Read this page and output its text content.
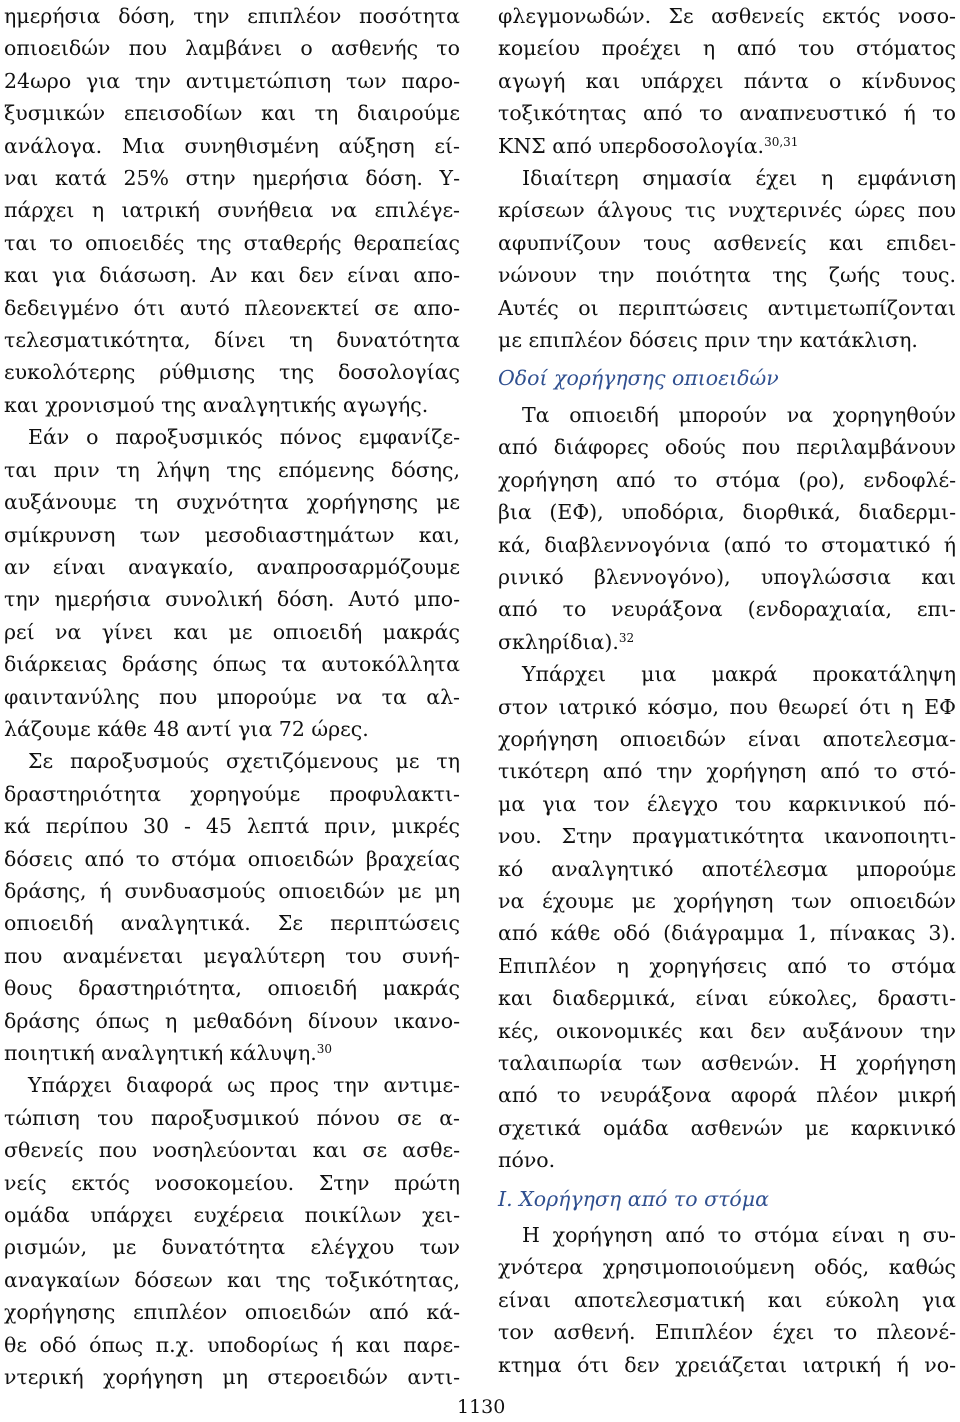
ημερήσια δόση, την επιπλέον ποσότητα
οπιοειδών που λαμβάνει ο ασθενής το
24ωρο για την αντιμετώπιση των παρο-
ξυσμικών επεισοδίων και τη διαιρούμε
ανάλογα. Μια συνηθισμένη αύξηση εί-
ναι κατά 25% στην ημερήσια δόση. Υ-
πάρχει η ιατρική συνήθεια να επιλέγε-
ται το οπιοειδές της σταθερής θεραπείας
και για διάσωση. Αν και δεν είναι απο-
δεδειγμένο ότι αυτό πλεονεκτεί σε απο-
τελεσματικότητα, δίνει τη δυνατότητα
ευκολότερης ρύθμισης της δοσολογίας
και χρονισμού της αναλγητικής αγωγής.
Εάν ο παροξυσμικός πόνος εμφανίζε-
ται πριν τη λήψη της επόμενης δόσης,
αυξάνουμε τη συχνότητα χορήγησης με
σμίκρυνση των μεσοδιαστημάτων και,
αν είναι αναγκαίο, αναπροσαρμόζουμε
την ημερήσια συνολική δόση. Αυτό μπο-
ρεί να γίνει και με οπιοειδή μακράς
διάρκειας δράσης όπως τα αυτοκόλλητα
φαιντανύλης που μπορούμε να τα αλ-
λάζουμε κάθε 48 αντί για 72 ώρες.
Σε παροξυσμούς σχετιζόμενους με τη
δραστηριότητα χορηγούμε προφυλακτι-
κά περίπου 30 - 45 λεπτά πριν, μικρές
δόσεις από το στόμα οπιοειδών βραχείας
δράσης, ή συνδυασμούς οπιοειδών με μη
οπιοειδή αναλγητικά. Σε περιπτώσεις
που αναμένεται μεγαλύτερη του συνή-
θους δραστηριότητα, οπιοειδή μακράς
δράσης όπως η μεθαδόνη δίνουν ικανο-
ποιητική αναλγητική κάλυψη.$^{30}$
Υπάρχει διαφορά ως προς την αντιμε-
τώπιση του παροξυσμικού πόνου σε α-
σθενείς που νοσηλεύονται και σε ασθε-
νείς εκτός νοσοκομείου. Στην πρώτη
ομάδα υπάρχει ευχέρεια ποικίλων χει-
ρισμών, με δυνατότητα ελέγχου των
αναγκαίων δόσεων και της τοξικότητας,
χορήγησης επιπλέον οπιοειδών από κά-
θε οδό όπως π.χ. υποδορίως ή και παρε-
ντερική χορήγηση μη στεροειδών αντι-
φλεγμονωδών. Σε ασθενείς εκτός νοσο-
κομείου προέχει η από του στόματος
αγωγή και υπάρχει πάντα ο κίνδυνος
τοξικότητας από το αναπνευστικό ή το
ΚΝΣ από υπερδοσολογία.$^{30,31}$
Ιδιαίτερη σημασία έχει η εμφάνιση
κρίσεων άλγους τις νυχτερινές ώρες που
αφυπνίζουν τους ασθενείς και επιδει-
νώνουν την ποιότητα της ζωής τους.
Αυτές οι περιπτώσεις αντιμετωπίζονται
με επιπλέον δόσεις πριν την κατάκλιση.
Οδοί χορήγησης οπιοειδών
Τα οπιοειδή μπορούν να χορηγηθούν
από διάφορες οδούς που περιλαμβάνουν
χορήγηση από το στόμα (ρο), ενδοφλέ-
βια (ΕΦ), υποδόρια, διορθικά, διαδερμι-
κά, διαβλεννογόνια (από το στοματικό ή
ρινικό βλεννογόνο), υπογλώσσια και
από το νευράξονα (ενδοραχιαία, επι-
σκληρίδια).$^{32}$
Υπάρχει μια μακρά προκατάληψη
στον ιατρικό κόσμο, που θεωρεί ότι η ΕΦ
χορήγηση οπιοειδών είναι αποτελεσμα-
τικότερη από την χορήγηση από το στό-
μα για τον έλεγχο του καρκινικού πό-
νου. Στην πραγματικότητα ικανοποιητι-
κό αναλγητικό αποτέλεσμα μπορούμε
να έχουμε με χορήγηση των οπιοειδών
από κάθε οδό (διάγραμμα 1, πίνακας 3).
Επιπλέον η χορηγήσεις από το στόμα
και διαδερμικά, είναι εύκολες, δραστι-
κές, οικονομικές και δεν αυξάνουν την
ταλαιπωρία των ασθενών. Η χορήγηση
από το νευράξονα αφορά πλέον μικρή
σχετικά ομάδα ασθενών με καρκινικό
πόνο.
Ι. Χορήγηση από το στόμα
Η χορήγηση από το στόμα είναι η συ-
χνότερα χρησιμοποιούμενη οδός, καθώς
είναι αποτελεσματική και εύκολη για
τον ασθενή. Επιπλέον έχει το πλεονέ-
κτημα ότι δεν χρειάζεται ιατρική ή νο-
1130
